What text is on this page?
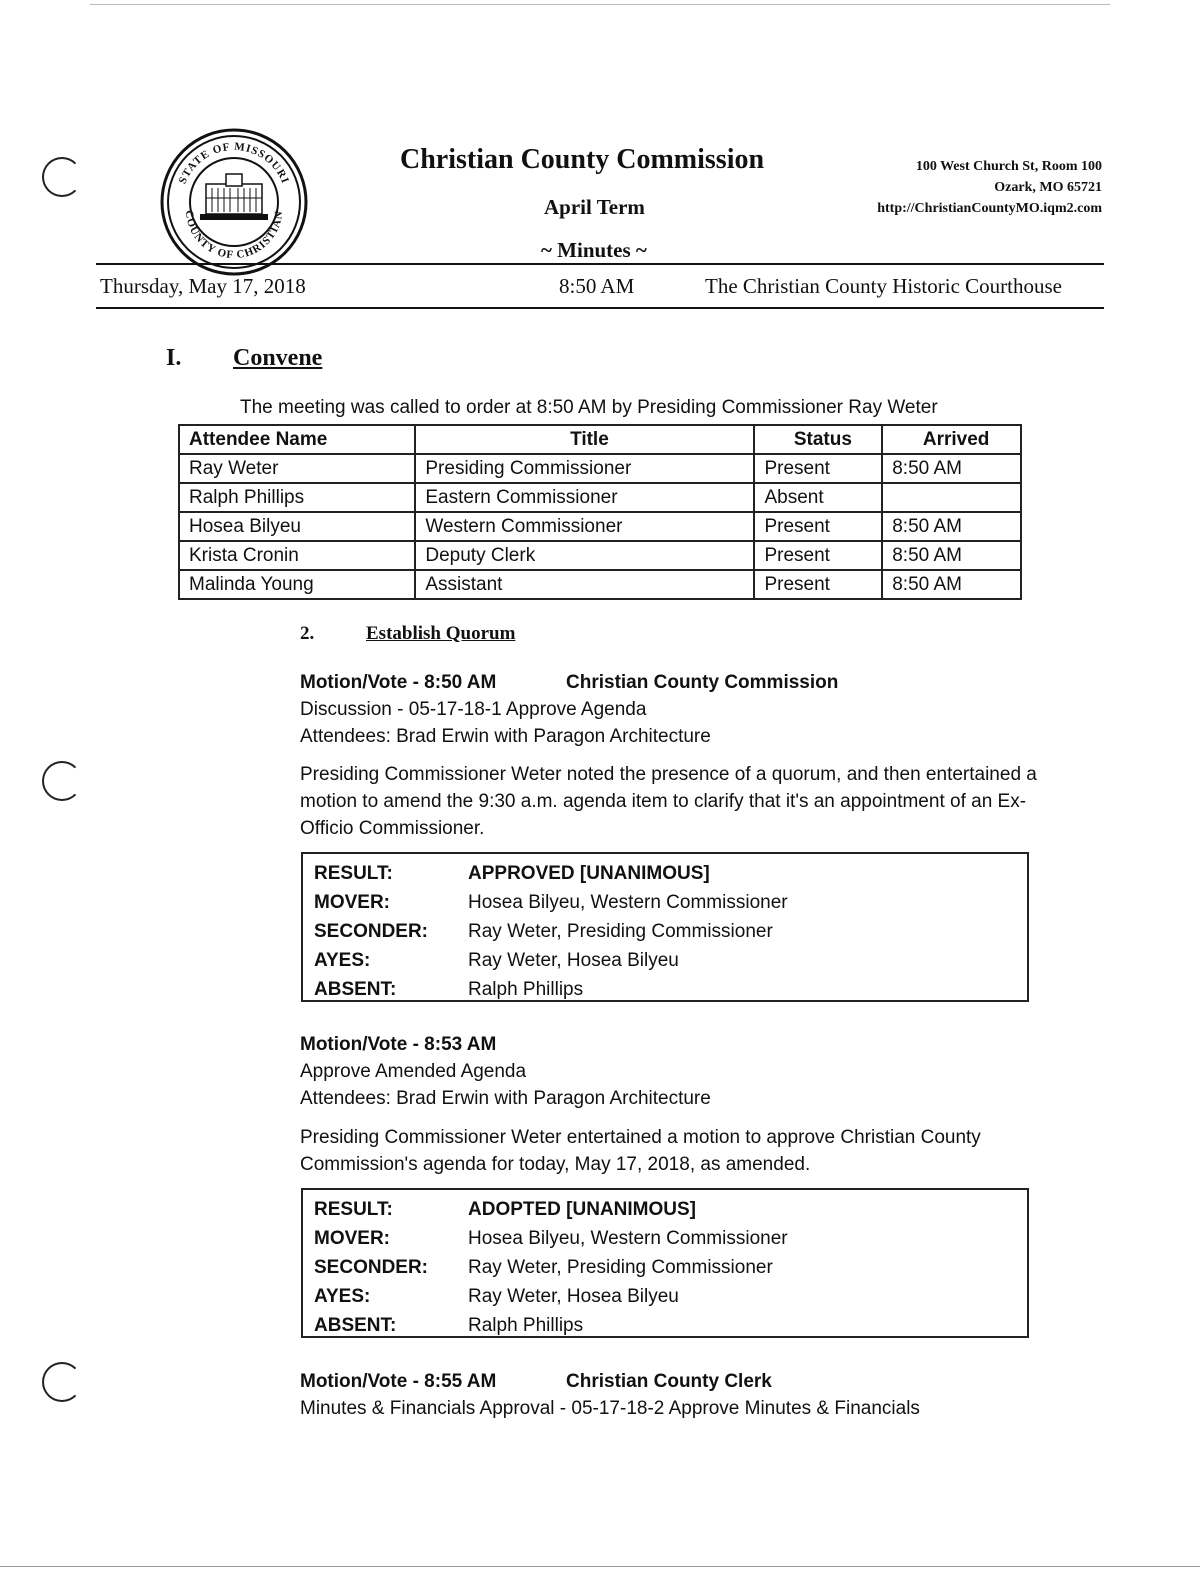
STATE OF MISSOURI
COUNTY OF CHRISTIAN
Christian County Commission
April Term
~ Minutes ~
100 West Church St, Room 100
Ozark, MO 65721
http://ChristianCountyMO.iqm2.com
Thursday, May 17, 2018	8:50 AM	The Christian County Historic Courthouse
I. Convene
The meeting was called to order at 8:50 AM by Presiding Commissioner Ray Weter
Attendee Name	Title	Status	Arrived
Ray Weter	Presiding Commissioner	Present	8:50 AM
Ralph Phillips	Eastern Commissioner	Absent	
Hosea Bilyeu	Western Commissioner	Present	8:50 AM
Krista Cronin	Deputy Clerk	Present	8:50 AM
Malinda Young	Assistant	Present	8:50 AM
2.	Establish Quorum
Motion/Vote - 8:50 AM	Christian County Commission
Discussion - 05-17-18-1 Approve Agenda
Attendees: Brad Erwin with Paragon Architecture
Presiding Commissioner Weter noted the presence of a quorum, and then entertained a motion to amend the 9:30 a.m. agenda item to clarify that it's an appointment of an Ex-Officio Commissioner.
RESULT:	APPROVED [UNANIMOUS]
MOVER:	Hosea Bilyeu, Western Commissioner
SECONDER:	Ray Weter, Presiding Commissioner
AYES:	Ray Weter, Hosea Bilyeu
ABSENT:	Ralph Phillips
Motion/Vote - 8:53 AM
Approve Amended Agenda
Attendees: Brad Erwin with Paragon Architecture
Presiding Commissioner Weter entertained a motion to approve Christian County Commission's agenda for today, May 17, 2018, as amended.
RESULT:	ADOPTED [UNANIMOUS]
MOVER:	Hosea Bilyeu, Western Commissioner
SECONDER:	Ray Weter, Presiding Commissioner
AYES:	Ray Weter, Hosea Bilyeu
ABSENT:	Ralph Phillips
Motion/Vote - 8:55 AM	Christian County Clerk
Minutes & Financials Approval - 05-17-18-2 Approve Minutes & Financials
